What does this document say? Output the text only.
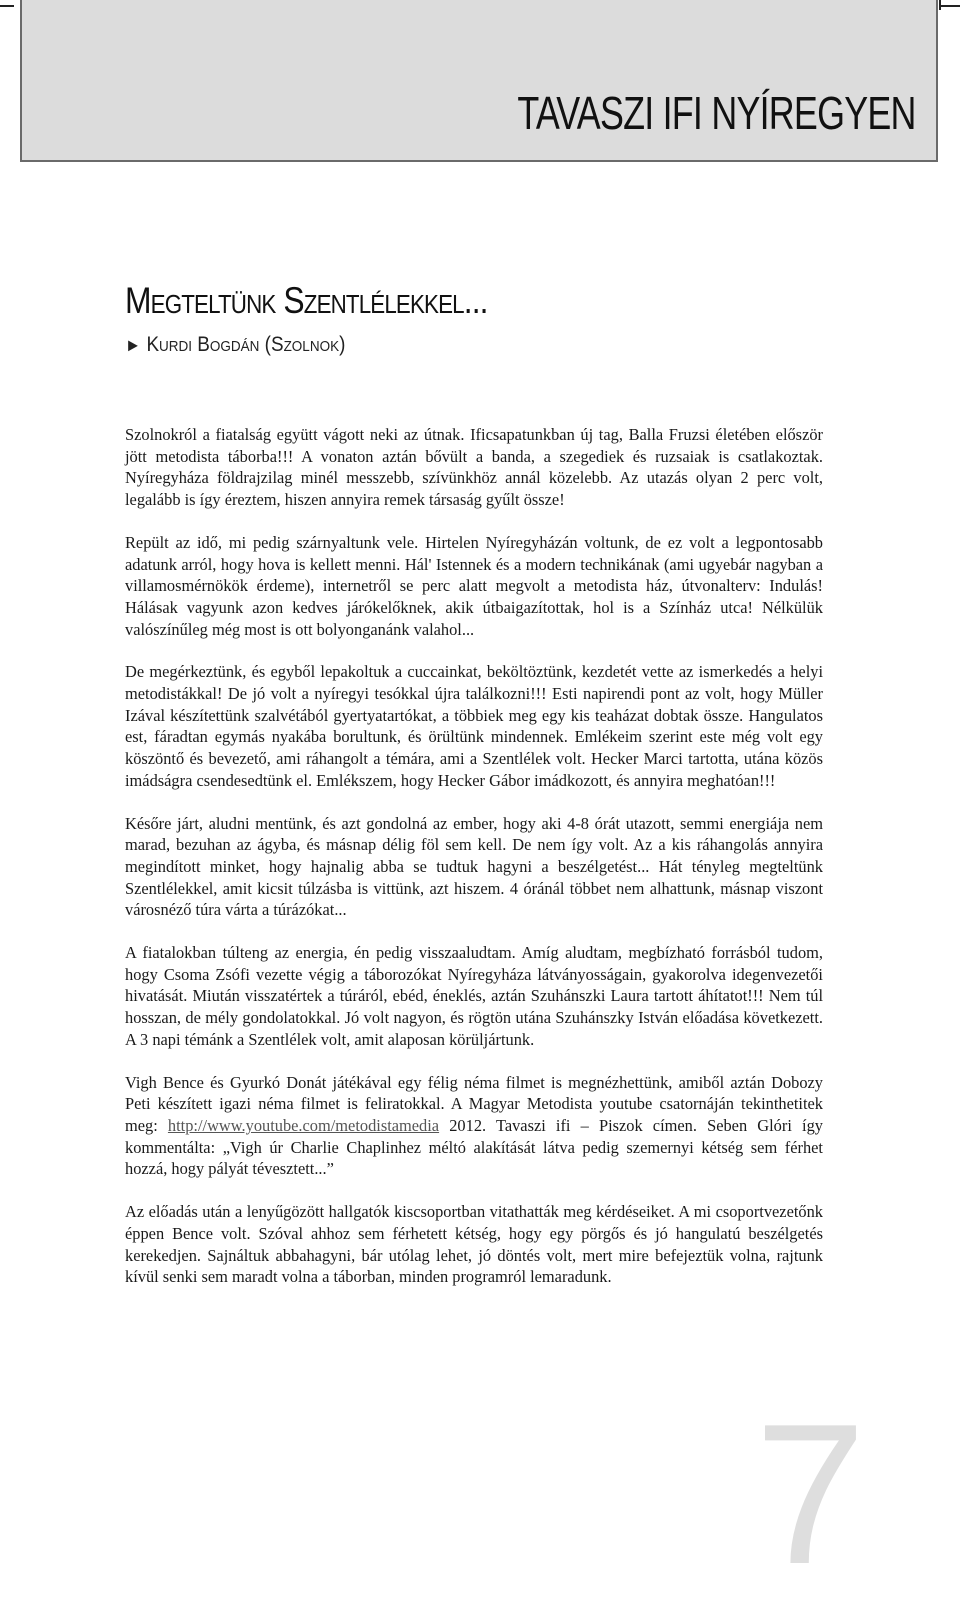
TAVASZI IFI NYÍREGYEN
Megteltünk Szentlélekkel...
► Kurdi Bogdán (Szolnok)

Szolnokról a fiatalság együtt vágott neki az útnak. Ificsapatunkban új tag, Balla Fruzsi életében először jött metodista táborba!!! A vonaton aztán bővült a banda, a szegediek és ruzsaiak is csatlakoztak. Nyíregyháza földrajzilag minél messzebb, szívünkhöz annál közelebb. Az utazás olyan 2 perc volt, legalább is így éreztem, hiszen annyira remek társaság gyűlt össze!

Repült az idő, mi pedig szárnyaltunk vele. Hirtelen Nyíregyházán voltunk, de ez volt a legpontosabb adatunk arról, hogy hova is kellett menni. Hál' Istennek és a modern technikának (ami ugyebár nagyban a villamosmérnökök érdeme), internetről se perc alatt megvolt a metodista ház, útvonalterv: Indulás! Hálásak vagyunk azon kedves járókelőknek, akik útbaigazítottak, hol is a Színház utca! Nélkülük valószínűleg még most is ott bolyonganánk valahol...

De megérkeztünk, és egyből lepakoltuk a cuccainkat, beköltöztünk, kezdetét vette az ismerkedés a helyi metodistákkal! De jó volt a nyíregyi tesókkal újra találkozni!!! Esti napirendi pont az volt, hogy Müller Izával készítettünk szalvétából gyertyatartókat, a többiek meg egy kis teaházat dobtak össze. Hangulatos est, fáradtan egymás nyakába borultunk, és örültünk mindennek. Emlékeim szerint este még volt egy köszöntő és bevezető, ami ráhangolt a témára, ami a Szentlélek volt. Hecker Marci tartotta, utána közös imádságra csendesedtünk el. Emlékszem, hogy Hecker Gábor imádkozott, és annyira meghatóan!!!

Későre járt, aludni mentünk, és azt gondolná az ember, hogy aki 4-8 órát utazott, semmi energiája nem marad, bezuhan az ágyba, és másnap délig föl sem kell. De nem így volt. Az a kis ráhangolás annyira megindított minket, hogy hajnalig abba se tudtuk hagyni a beszélgetést... Hát tényleg megteltünk Szentlélekkel, amit kicsit túlzásba is vittünk, azt hiszem. 4 óránál többet nem alhattunk, másnap viszont városnéző túra várta a túrázókat...

A fiatalokban túlteng az energia, én pedig visszaaludtam. Amíg aludtam, megbízható forrásból tudom, hogy Csoma Zsófi vezette végig a táborozókat Nyíregyháza látványosságain, gyakorolva idegenvezetői hivatását. Miután visszatértek a túráról, ebéd, éneklés, aztán Szuhánszki Laura tartott áhítatot!!! Nem túl hosszan, de mély gondolatokkal. Jó volt nagyon, és rögtön utána Szuhánszky István előadása következett. A 3 napi témánk a Szentlélek volt, amit alaposan körüljártunk.

Vigh Bence és Gyurkó Donát játékával egy félig néma filmet is megnézhettünk, amiből aztán Dobozy Peti készített igazi néma filmet is feliratokkal. A Magyar Metodista youtube csatornáján tekinthetitek meg: http://www.youtube.com/metodistamedia 2012. Tavaszi ifi – Piszok címen. Seben Glóri így kommentálta: „Vigh úr Charlie Chaplinhez méltó alakítását látva pedig szemernyi kétség sem férhet hozzá, hogy pályát tévesztett...”

Az előadás után a lenyűgözött hallgatók kiscsoportban vitathatták meg kérdéseiket. A mi csoportvezetőnk éppen Bence volt. Szóval ahhoz sem férhetett kétség, hogy egy pörgős és jó hangulatú beszélgetés kerekedjen. Sajnáltuk abbahagyni, bár utólag lehet, jó döntés volt, mert mire befejeztük volna, rajtunk kívül senki sem maradt volna a táborban, minden programról lemaradunk.

7
